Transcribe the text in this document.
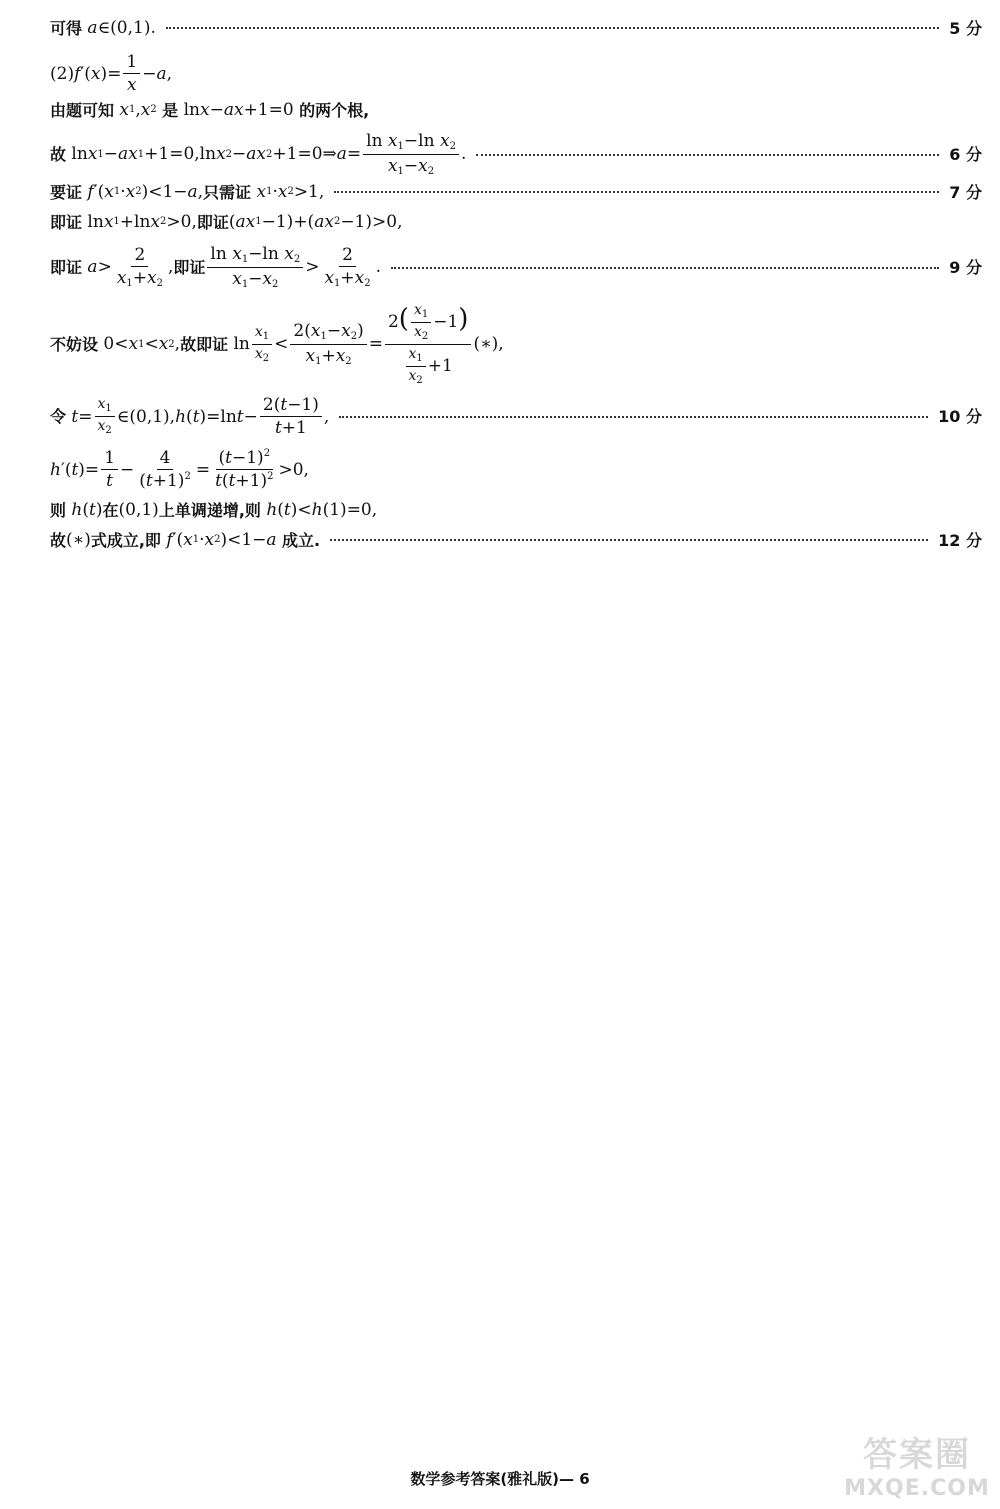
可得
a ∈(0,1).	5 分
(2) f ′( x )= $\frac{1}{x} - a$ ,
由题可知
x 1 , x 2
是 ln x − ax +1=0 的两个根,
故 ln x 1 − ax 1 +1=0,ln x 2 − ax 2 +1=0⇒ $a = \frac{\ln x_1-\ln x_2}{x_1-x_2}$ .	6 分
要证
f ′( x 1 · x 2 )<1− a , 只需证
x 1 · x 2 >1,	7 分
即证 ln x 1 +ln x 2 >0, 即证 ( ax 1 −1)+( ax 2 −1)>0,
即证
$a > \frac{2}{x_1+x_2}$ , 即证 $\frac{\ln x_1-\ln x_2}{x_1-x_2} > \frac{2}{x_1+x_2}$ .	9 分
不妨设 0< x 1 < x 2 , 故即证 $\ln \frac{x_1}{x_2} < \frac{2(x_1-x_2)}{x_1+x_2} = \frac{2( \frac{x_1}{x_2} -1)}{\frac{x_1}{x_2} +1}$ (∗),
令
$t = \frac{x_1}{x_2}$ ∈(0,1), h ( t )=ln $t - \frac{2(t-1)}{t+1}$ ,	10 分
h ′( t )= $\frac{1}{t} - \frac{4}{(t+1)^2} = \frac{(t-1)^2}{t(t+1)^2} >0$,
则
h ( t ) 在 (0,1) 上单调递增,则
h ( t )< h (1)=0,
故 (∗) 式成立,即
f ′( x 1 · x 2 )<1− a
成立.	12 分
数学参考答案(雅礼版)— 6
答案圈
MXQE.COM
